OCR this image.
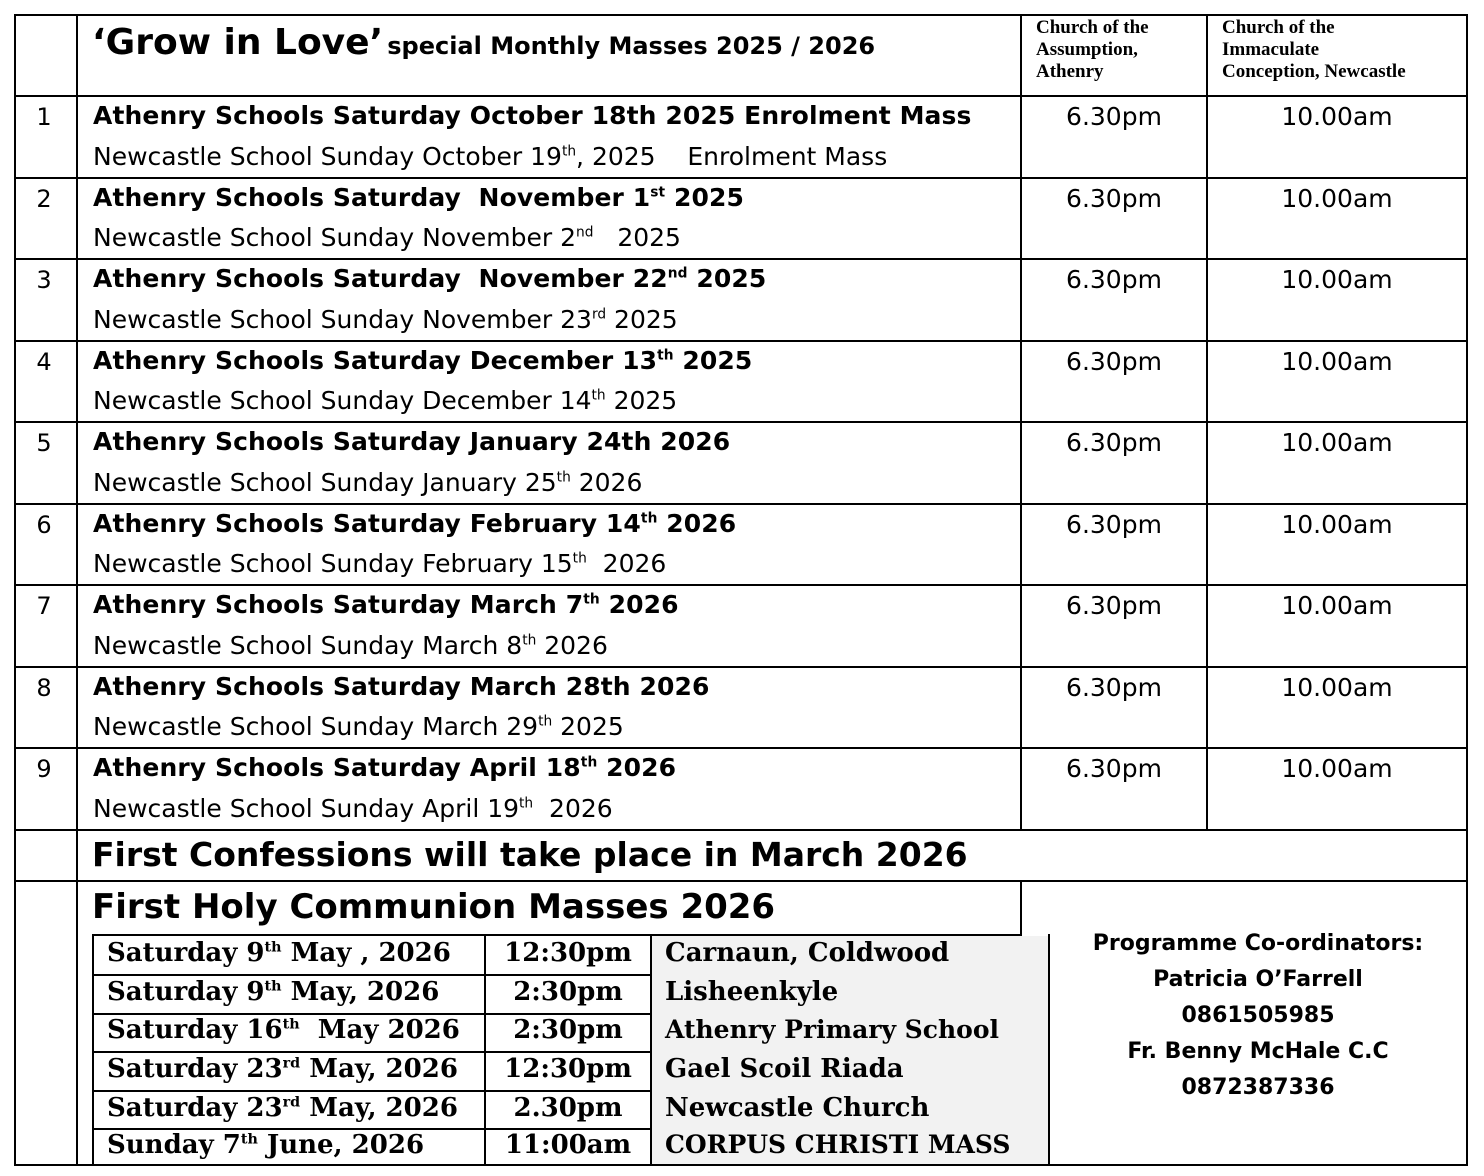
‘Grow in Love’ special Monthly Masses 2025 / 2026
Church of the
Assumption,
Athenry
Church of the
Immaculate
Conception, Newcastle
1	Athenry Schools Saturday October 18th 2025 Enrolment Mass
Newcastle School Sunday October 19th, 2025    Enrolment Mass
6.30pm	10.00am
2	Athenry Schools Saturday  November 1st 2025
Newcastle School Sunday November 2nd   2025
6.30pm	10.00am
3	Athenry Schools Saturday  November 22nd 2025
Newcastle School Sunday November 23rd 2025
6.30pm	10.00am
4	Athenry Schools Saturday December 13th 2025
Newcastle School Sunday December 14th 2025
6.30pm	10.00am
5	Athenry Schools Saturday January 24th 2026
Newcastle School Sunday January 25th 2026
6.30pm	10.00am
6	Athenry Schools Saturday February 14th 2026
Newcastle School Sunday February 15th  2026
6.30pm	10.00am
7	Athenry Schools Saturday March 7th 2026
Newcastle School Sunday March 8th 2026
6.30pm	10.00am
8	Athenry Schools Saturday March 28th 2026
Newcastle School Sunday March 29th 2025
6.30pm	10.00am
9	Athenry Schools Saturday April 18th 2026
Newcastle School Sunday April 19th  2026
6.30pm	10.00am
First Confessions will take place in March 2026
First Holy Communion Masses 2026
Saturday 9th May , 2026	12:30pm	Carnaun, Coldwood
Saturday 9th May, 2026	2:30pm	Lisheenkyle
Saturday 16th  May 2026	2:30pm	Athenry Primary School
Saturday 23rd May, 2026	12:30pm	Gael Scoil Riada
Saturday 23rd May, 2026	2.30pm	Newcastle Church
Sunday 7th June, 2026	11:00am	CORPUS CHRISTI MASS
Programme Co-ordinators:
Patricia O’Farrell
0861505985
Fr. Benny McHale C.C
0872387336
